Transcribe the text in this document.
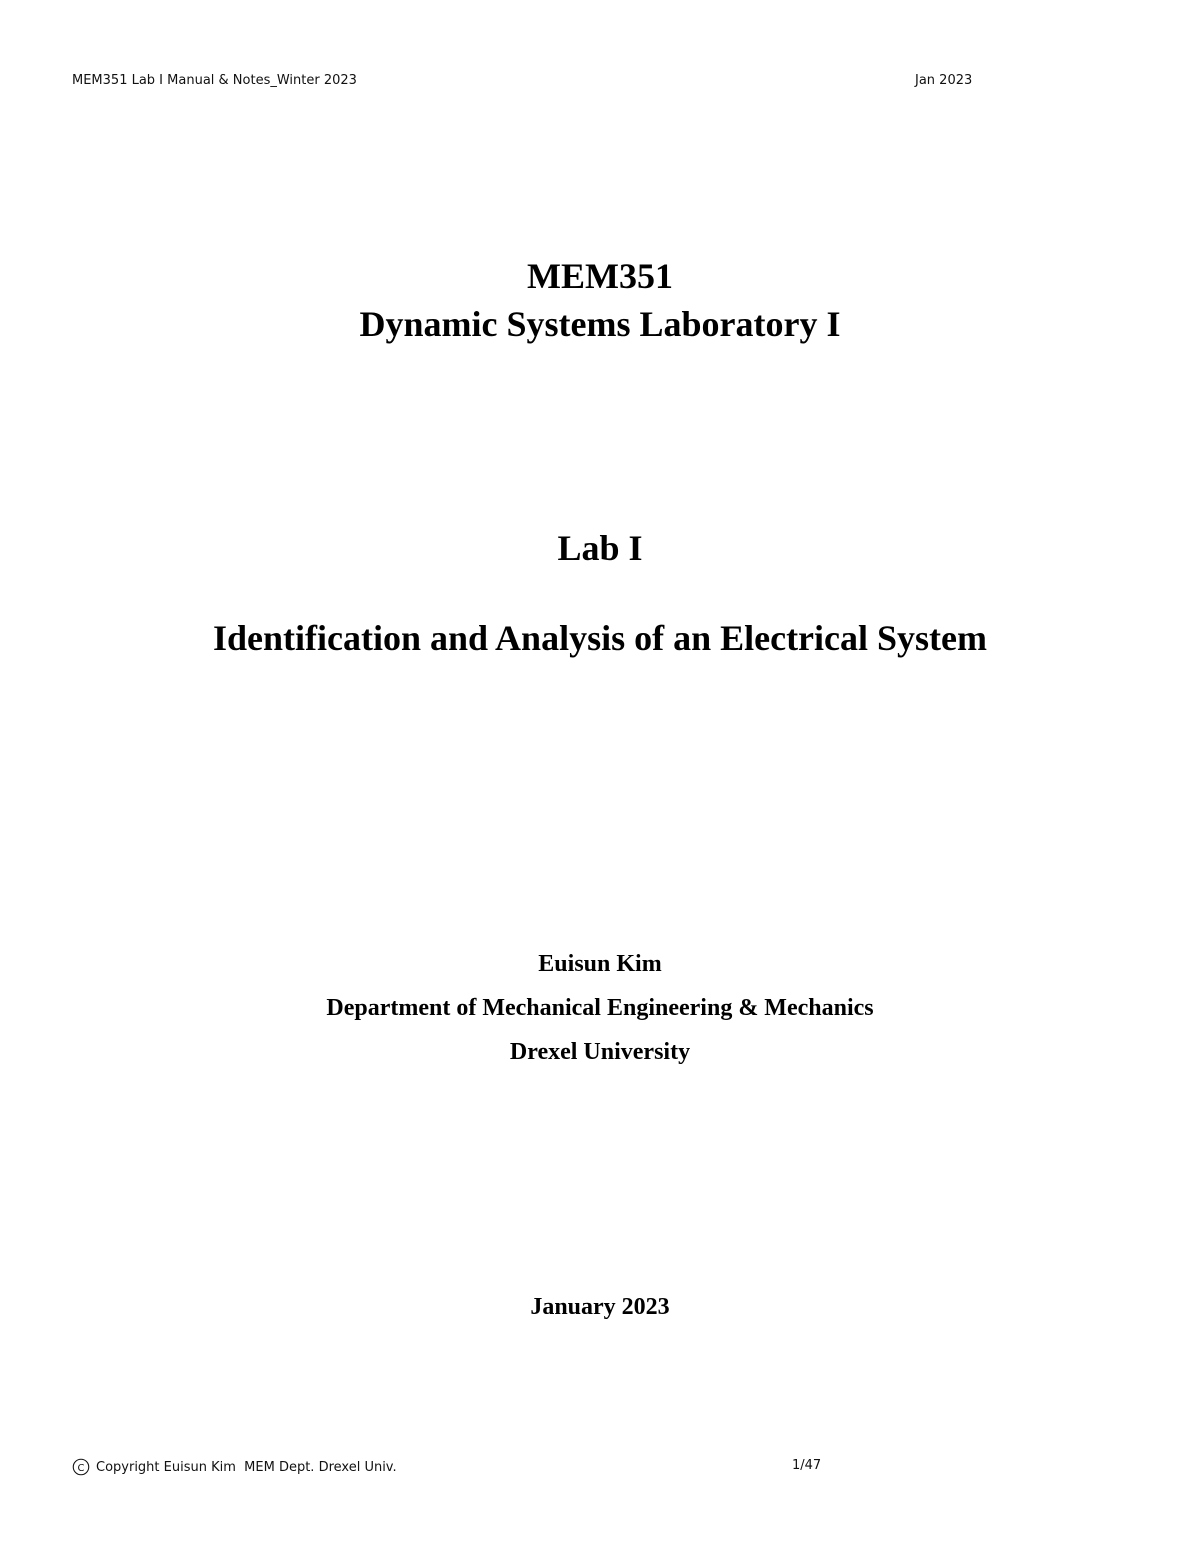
MEM351 Lab I Manual & Notes_Winter 2023	Jan 2023
MEM351
Dynamic Systems Laboratory I
Lab I
Identification and Analysis of an Electrical System
Euisun Kim
Department of Mechanical Engineering & Mechanics
Drexel University
January 2023
C Copyright Euisun Kim  MEM Dept. Drexel Univ.	1/47
